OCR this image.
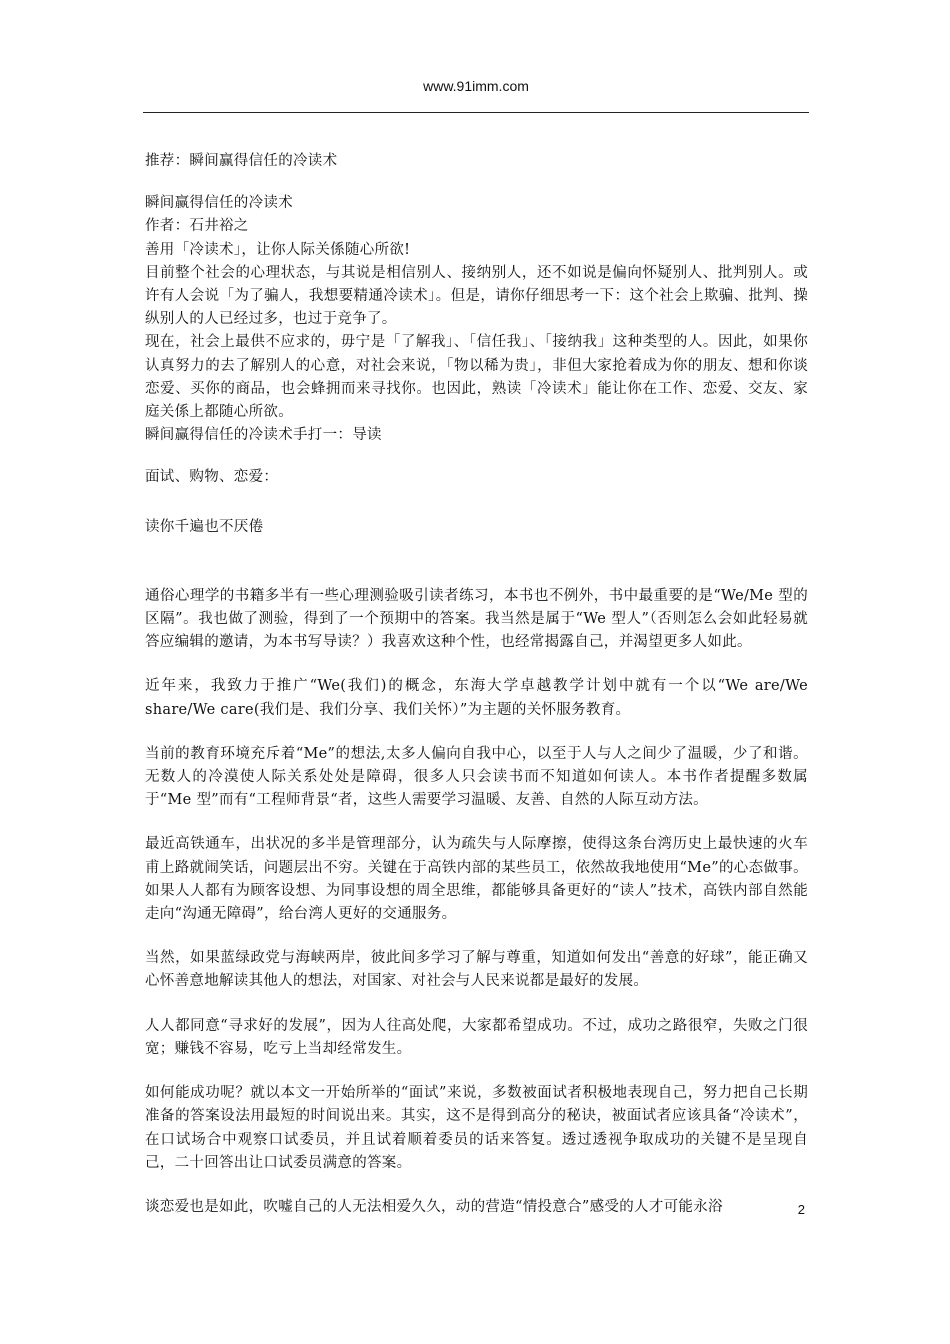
www.91imm.com

推荐：瞬间赢得信任的冷读术

瞬间赢得信任的冷读术

作者：石井裕之

善用「冷读术」，让你人际关係随心所欲!

目前整个社会的心理状态，与其说是相信别人、接纳别人，还不如说是偏向怀疑别人、批判别人。或许有人会说「为了骗人，我想要精通冷读术」。但是，请你仔细思考一下：这个社会上欺骗、批判、操纵别人的人已经过多，也过于竞争了。

现在，社会上最供不应求的，毋宁是「了解我」、「信任我」、「接纳我」这种类型的人。因此，如果你认真努力的去了解别人的心意，对社会来说，「物以稀为贵」，非但大家抢着成为你的朋友、想和你谈恋爱、买你的商品，也会蜂拥而来寻找你。也因此，熟读「冷读术」能让你在工作、恋爱、交友、家庭关係上都随心所欲。

瞬间赢得信任的冷读术手打一：导读

面试、购物、恋爱：

读你千遍也不厌倦

通俗心理学的书籍多半有一些心理测验吸引读者练习，本书也不例外，书中最重要的是“We/Me 型的区隔”。我也做了测验，得到了一个预期中的答案。我当然是属于“We 型人”（否则怎么会如此轻易就答应编辑的邀请，为本书写导读？）我喜欢这种个性，也经常揭露自己，并渴望更多人如此。

近年来，我致力于推广“We(我们)的概念，东海大学卓越教学计划中就有一个以“We are/We share/We care(我们是、我们分享、我们关怀）”为主题的关怀服务教育。

当前的教育环境充斥着“Me”的想法,太多人偏向自我中心，以至于人与人之间少了温暖，少了和谐。无数人的冷漠使人际关系处处是障碍，很多人只会读书而不知道如何读人。本书作者提醒多数属于“Me 型”而有“工程师背景“者，这些人需要学习温暖、友善、自然的人际互动方法。

最近高铁通车，出状况的多半是管理部分，认为疏失与人际摩擦，使得这条台湾历史上最快速的火车甫上路就闹笑话，问题层出不穷。关键在于高铁内部的某些员工，依然故我地使用“Me”的心态做事。如果人人都有为顾客设想、为同事设想的周全思维，都能够具备更好的“读人”技术，高铁内部自然能走向“沟通无障碍”，给台湾人更好的交通服务。

当然，如果蓝绿政党与海峡两岸，彼此间多学习了解与尊重，知道如何发出“善意的好球”，能正确又心怀善意地解读其他人的想法，对国家、对社会与人民来说都是最好的发展。

人人都同意“寻求好的发展”，因为人往高处爬，大家都希望成功。不过，成功之路很窄，失败之门很宽；赚钱不容易，吃亏上当却经常发生。

如何能成功呢？就以本文一开始所举的“面试”来说，多数被面试者积极地表现自己，努力把自己长期准备的答案设法用最短的时间说出来。其实，这不是得到高分的秘诀，被面试者应该具备“冷读术”，在口试场合中观察口试委员，并且试着顺着委员的话来答复。透过透视争取成功的关键不是呈现自己，二十回答出让口试委员满意的答案。

谈恋爱也是如此，吹嘘自己的人无法相爱久久，动的营造“情投意合”感受的人才可能永浴	2
